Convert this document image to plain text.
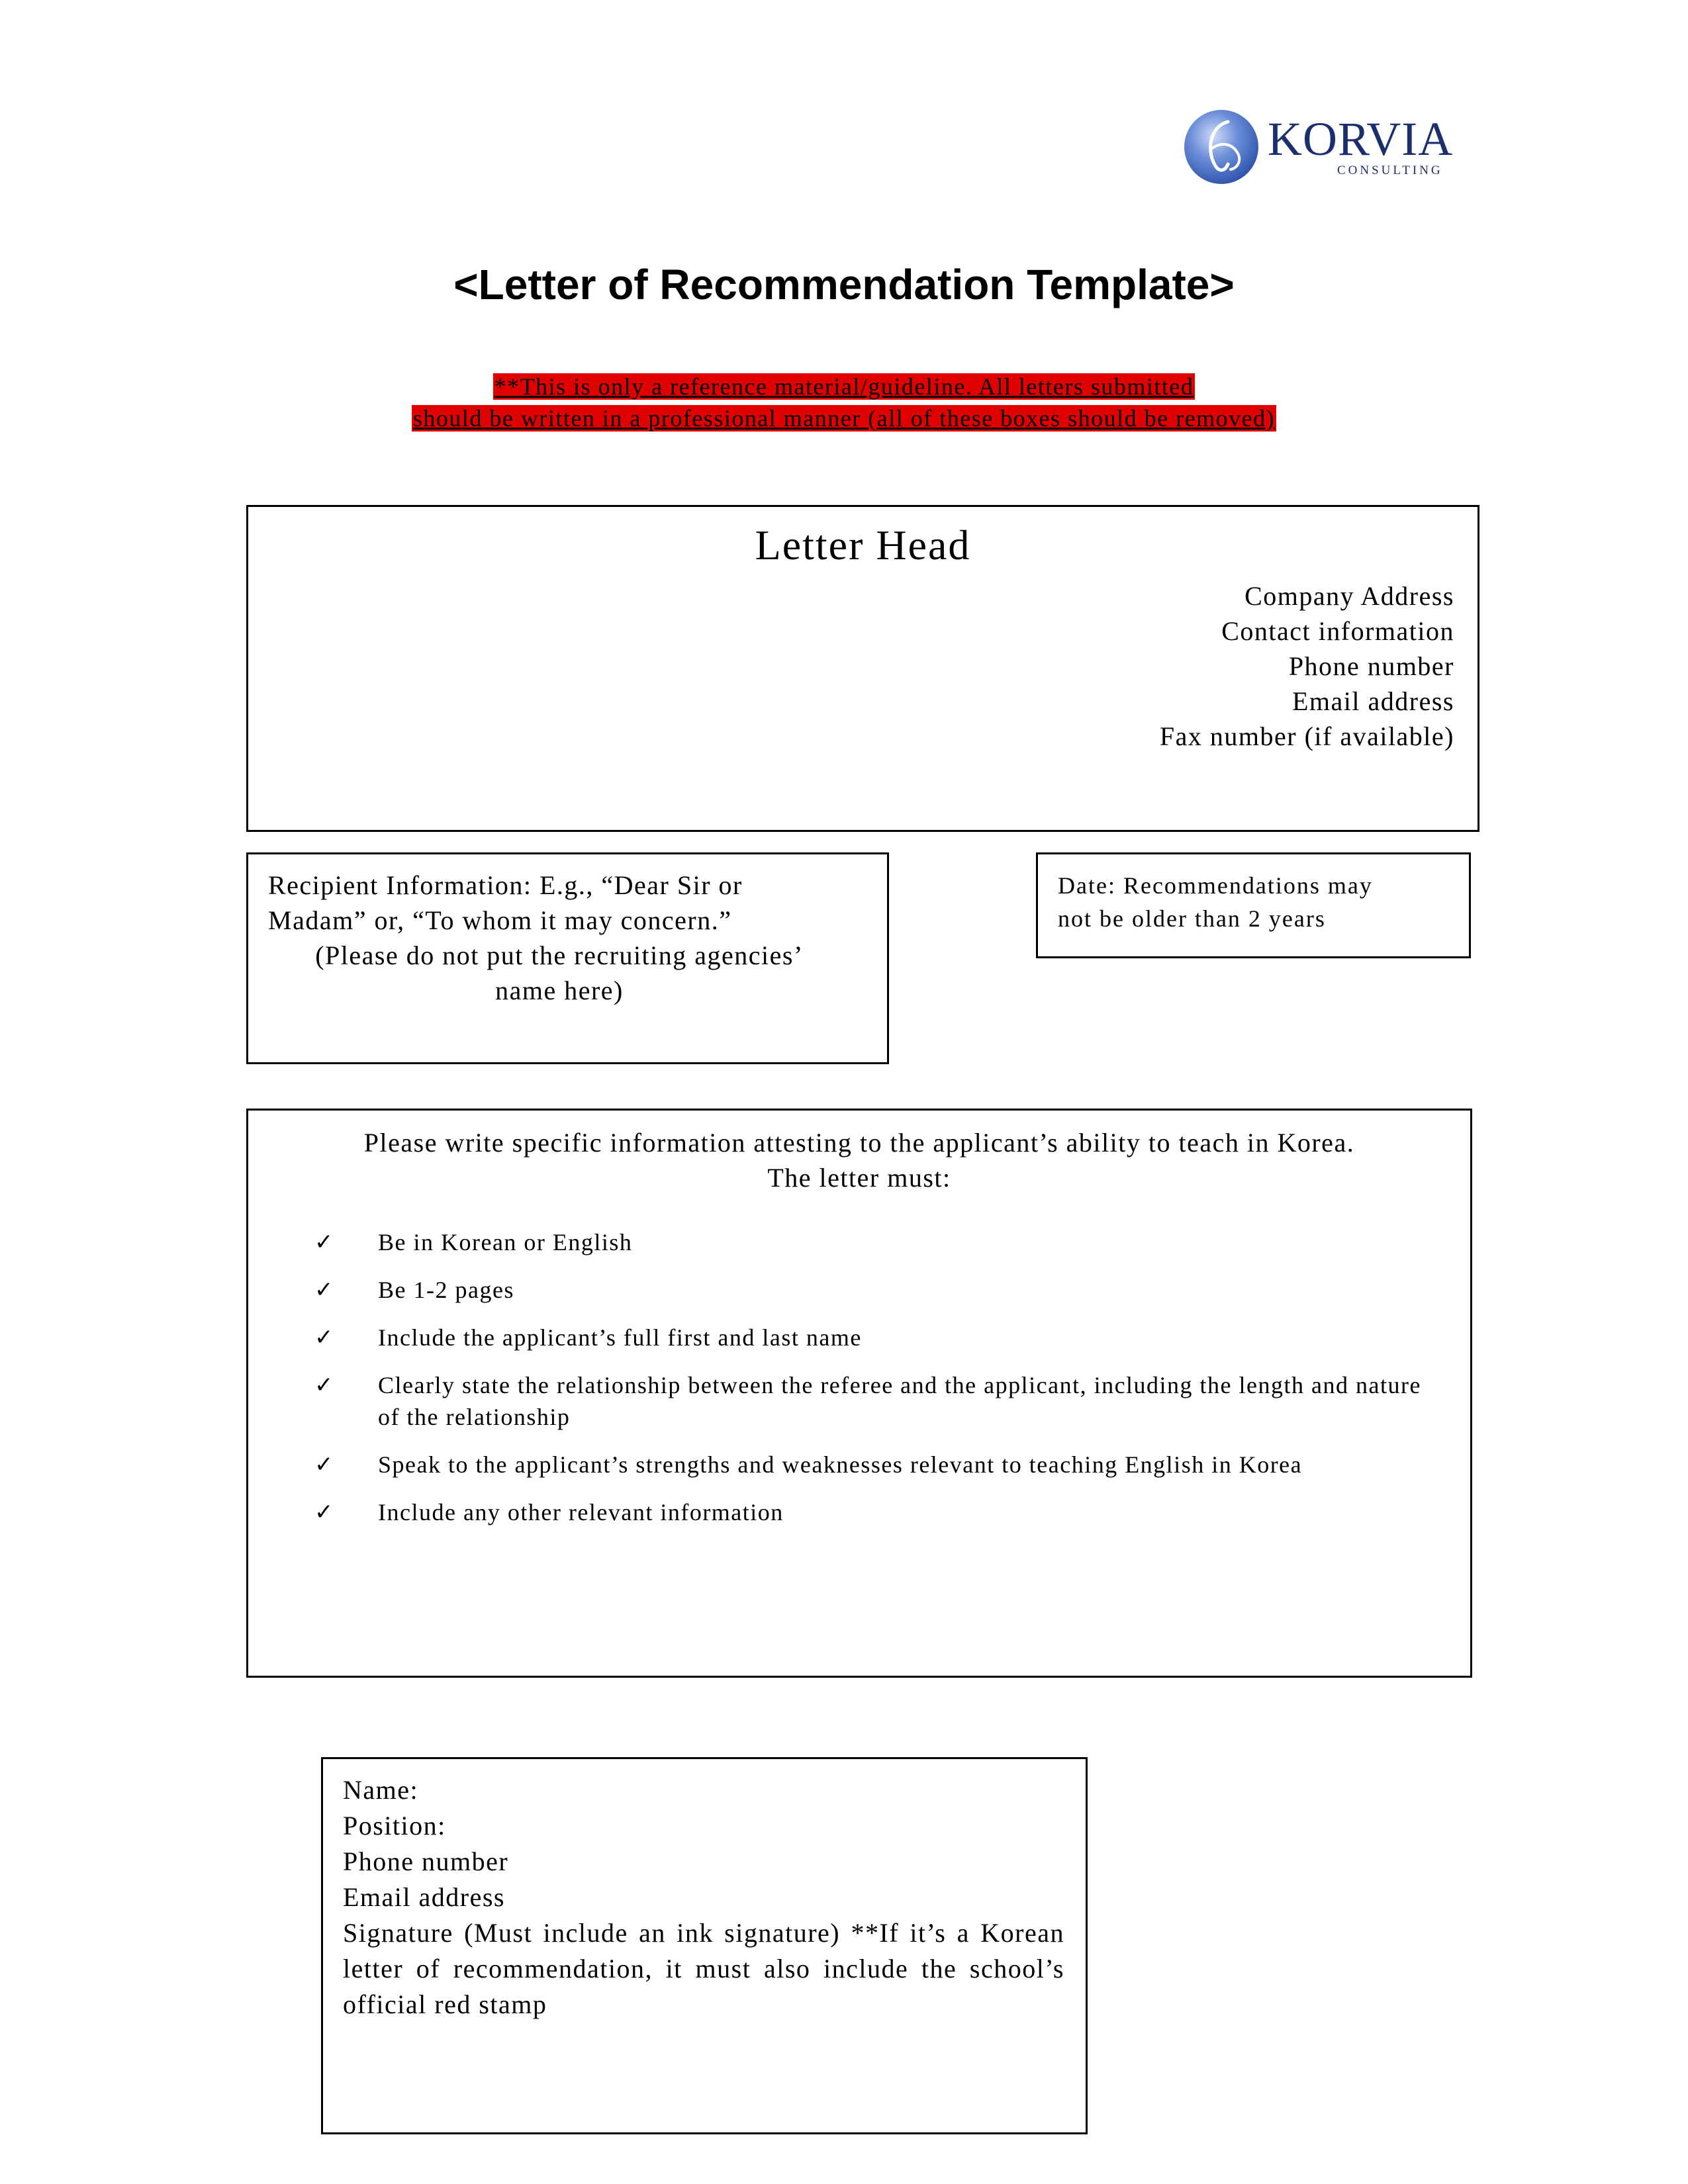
KORVIA
CONSULTING
<Letter of Recommendation Template>
**This is only a reference material/guideline. All letters submitted
should be written in a professional manner (all of these boxes should be removed)
Letter Head
Company Address
Contact information
Phone number
Email address
Fax number (if available)
Recipient Information: E.g., “Dear Sir or
Madam” or, “To whom it may concern.”
(Please do not put the recruiting agencies’
name here)
Date: Recommendations may
not be older than 2 years
Please write specific information attesting to the applicant’s ability to teach in Korea.
The letter must:
✓ Be in Korean or English
✓ Be 1-2 pages
✓ Include the applicant’s full first and last name
✓ Clearly state the relationship between the referee and the applicant, including the length and nature of the relationship
✓ Speak to the applicant’s strengths and weaknesses relevant to teaching English in Korea
✓ Include any other relevant information
Name:
Position:
Phone number
Email address
Signature (Must include an ink signature) **If it’s a Korean letter of recommendation, it must also include the school’s official red stamp
